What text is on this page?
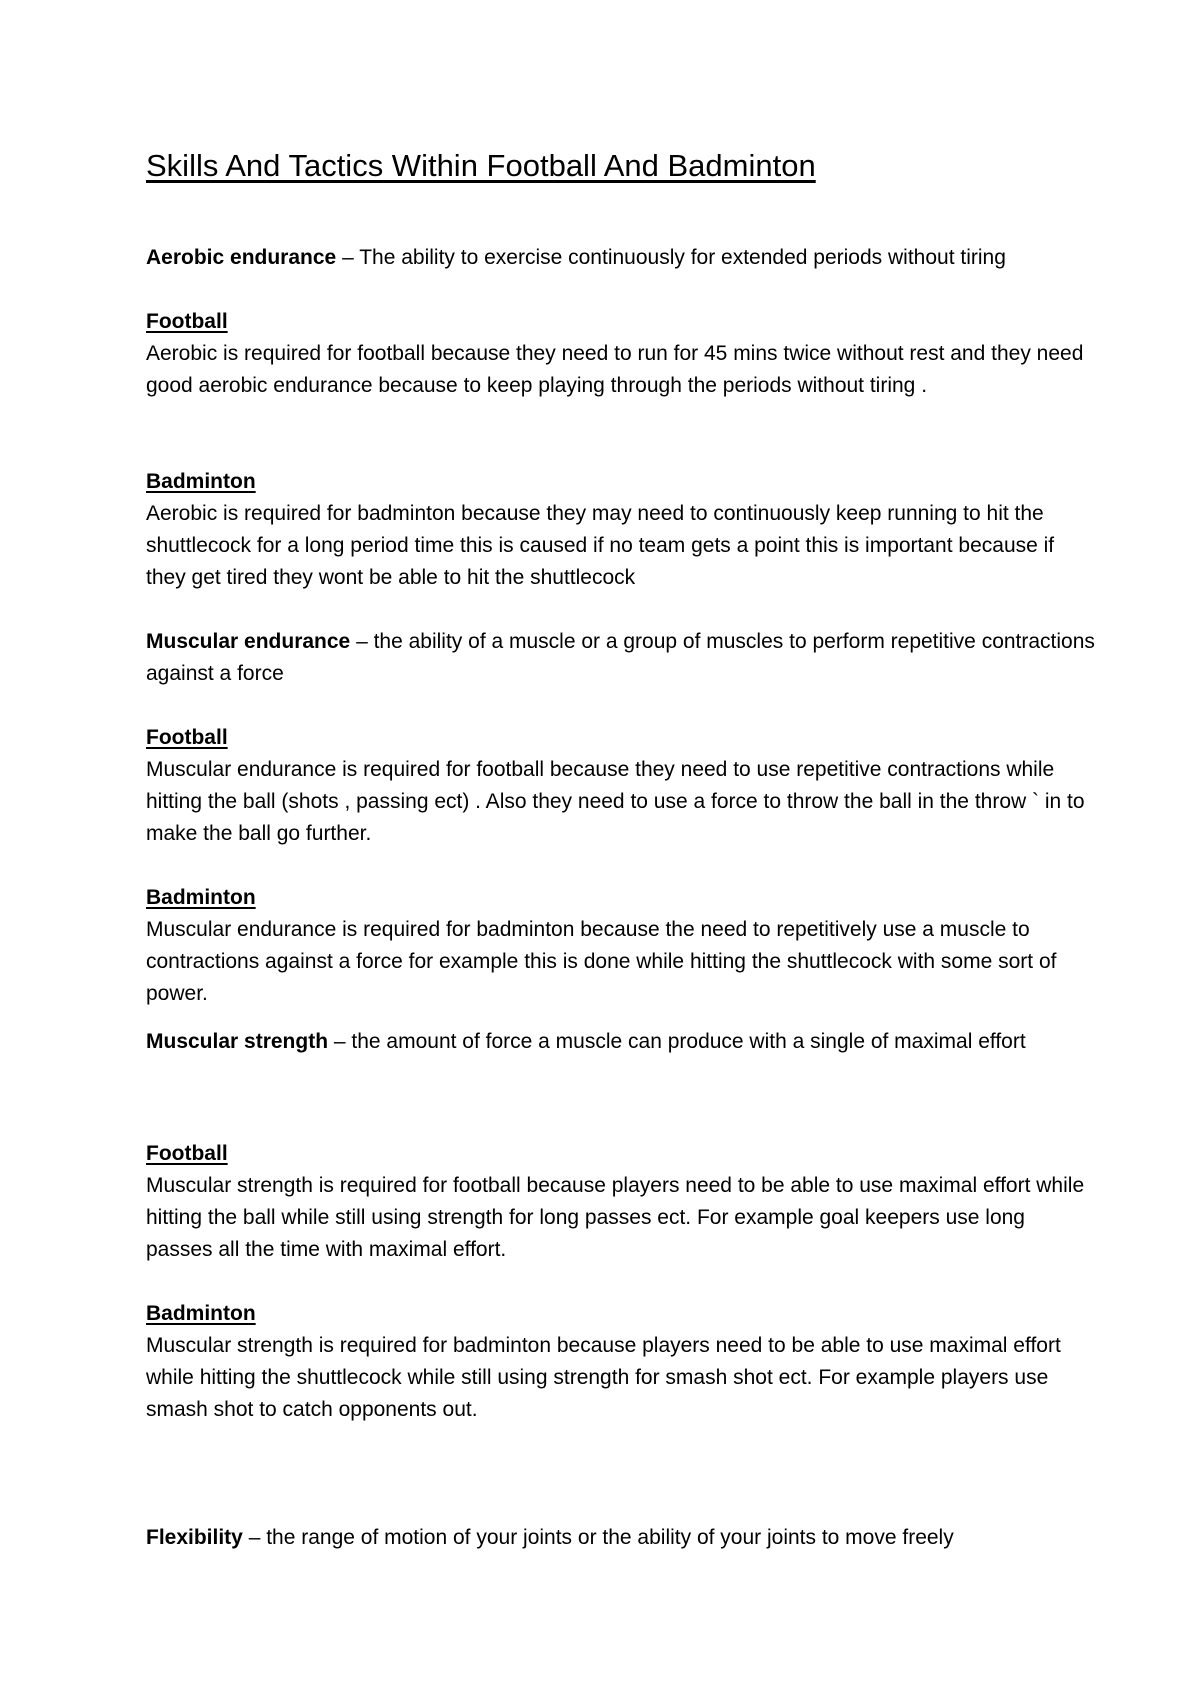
Skills And Tactics Within Football And Badminton

Aerobic endurance – The ability to exercise continuously for extended periods without tiring

Football
Aerobic is required for football because they need to run for 45 mins twice without rest and they need good aerobic endurance because to keep playing through the periods without tiring .
Badminton
Aerobic is required for badminton because they may need to continuously keep running to hit the shuttlecock for a long period time this is caused if no team gets a point this is important because if they get tired they wont be able to hit the shuttlecock

Muscular endurance – the ability of a muscle or a group of muscles to perform repetitive contractions against a force

Football
Muscular endurance is required for football because they need to use repetitive contractions while hitting the ball (shots , passing ect) . Also they need to use a force to throw the ball in the throw ` in to make the ball go further.
Badminton
Muscular endurance is required for badminton because the need to repetitively use a muscle to contractions against a force for example this is done while hitting the shuttlecock with some sort of power.

Muscular strength – the amount of force a muscle can produce with a single of maximal effort

Football
Muscular strength is required for football because players need to be able to use maximal effort while hitting the ball while still using strength for long passes ect. For example goal keepers use long passes all the time with maximal effort.
Badminton
Muscular strength is required for badminton because players need to be able to use maximal effort while hitting the shuttlecock while still using strength for smash shot ect. For example players use smash shot to catch opponents out.

Flexibility – the range of motion of your joints or the ability of your joints to move freely
